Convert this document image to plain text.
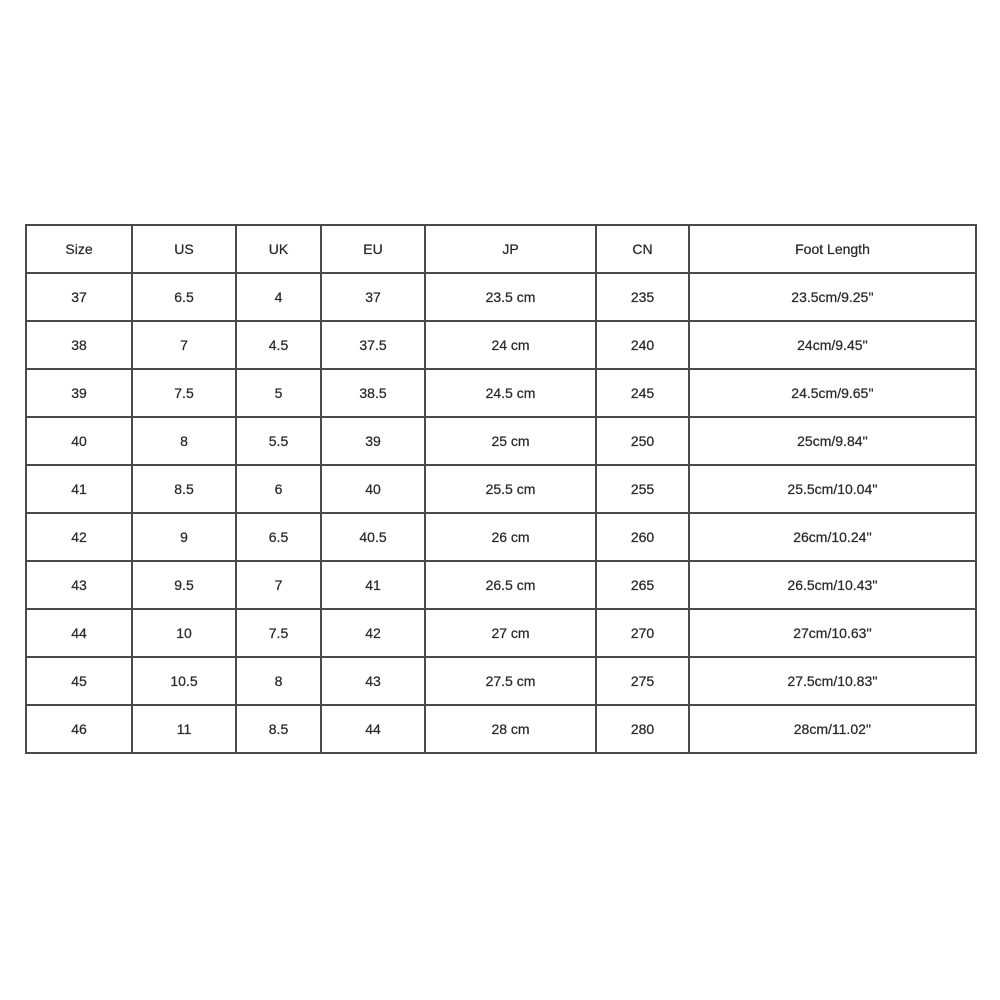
Size	US	UK	EU	JP	CN	Foot Length
37	6.5	4	37	23.5 cm	235	23.5cm/9.25''
38	7	4.5	37.5	24 cm	240	24cm/9.45''
39	7.5	5	38.5	24.5 cm	245	24.5cm/9.65''
40	8	5.5	39	25 cm	250	25cm/9.84''
41	8.5	6	40	25.5 cm	255	25.5cm/10.04''
42	9	6.5	40.5	26 cm	260	26cm/10.24''
43	9.5	7	41	26.5 cm	265	26.5cm/10.43''
44	10	7.5	42	27 cm	270	27cm/10.63''
45	10.5	8	43	27.5 cm	275	27.5cm/10.83''
46	11	8.5	44	28 cm	280	28cm/11.02''
